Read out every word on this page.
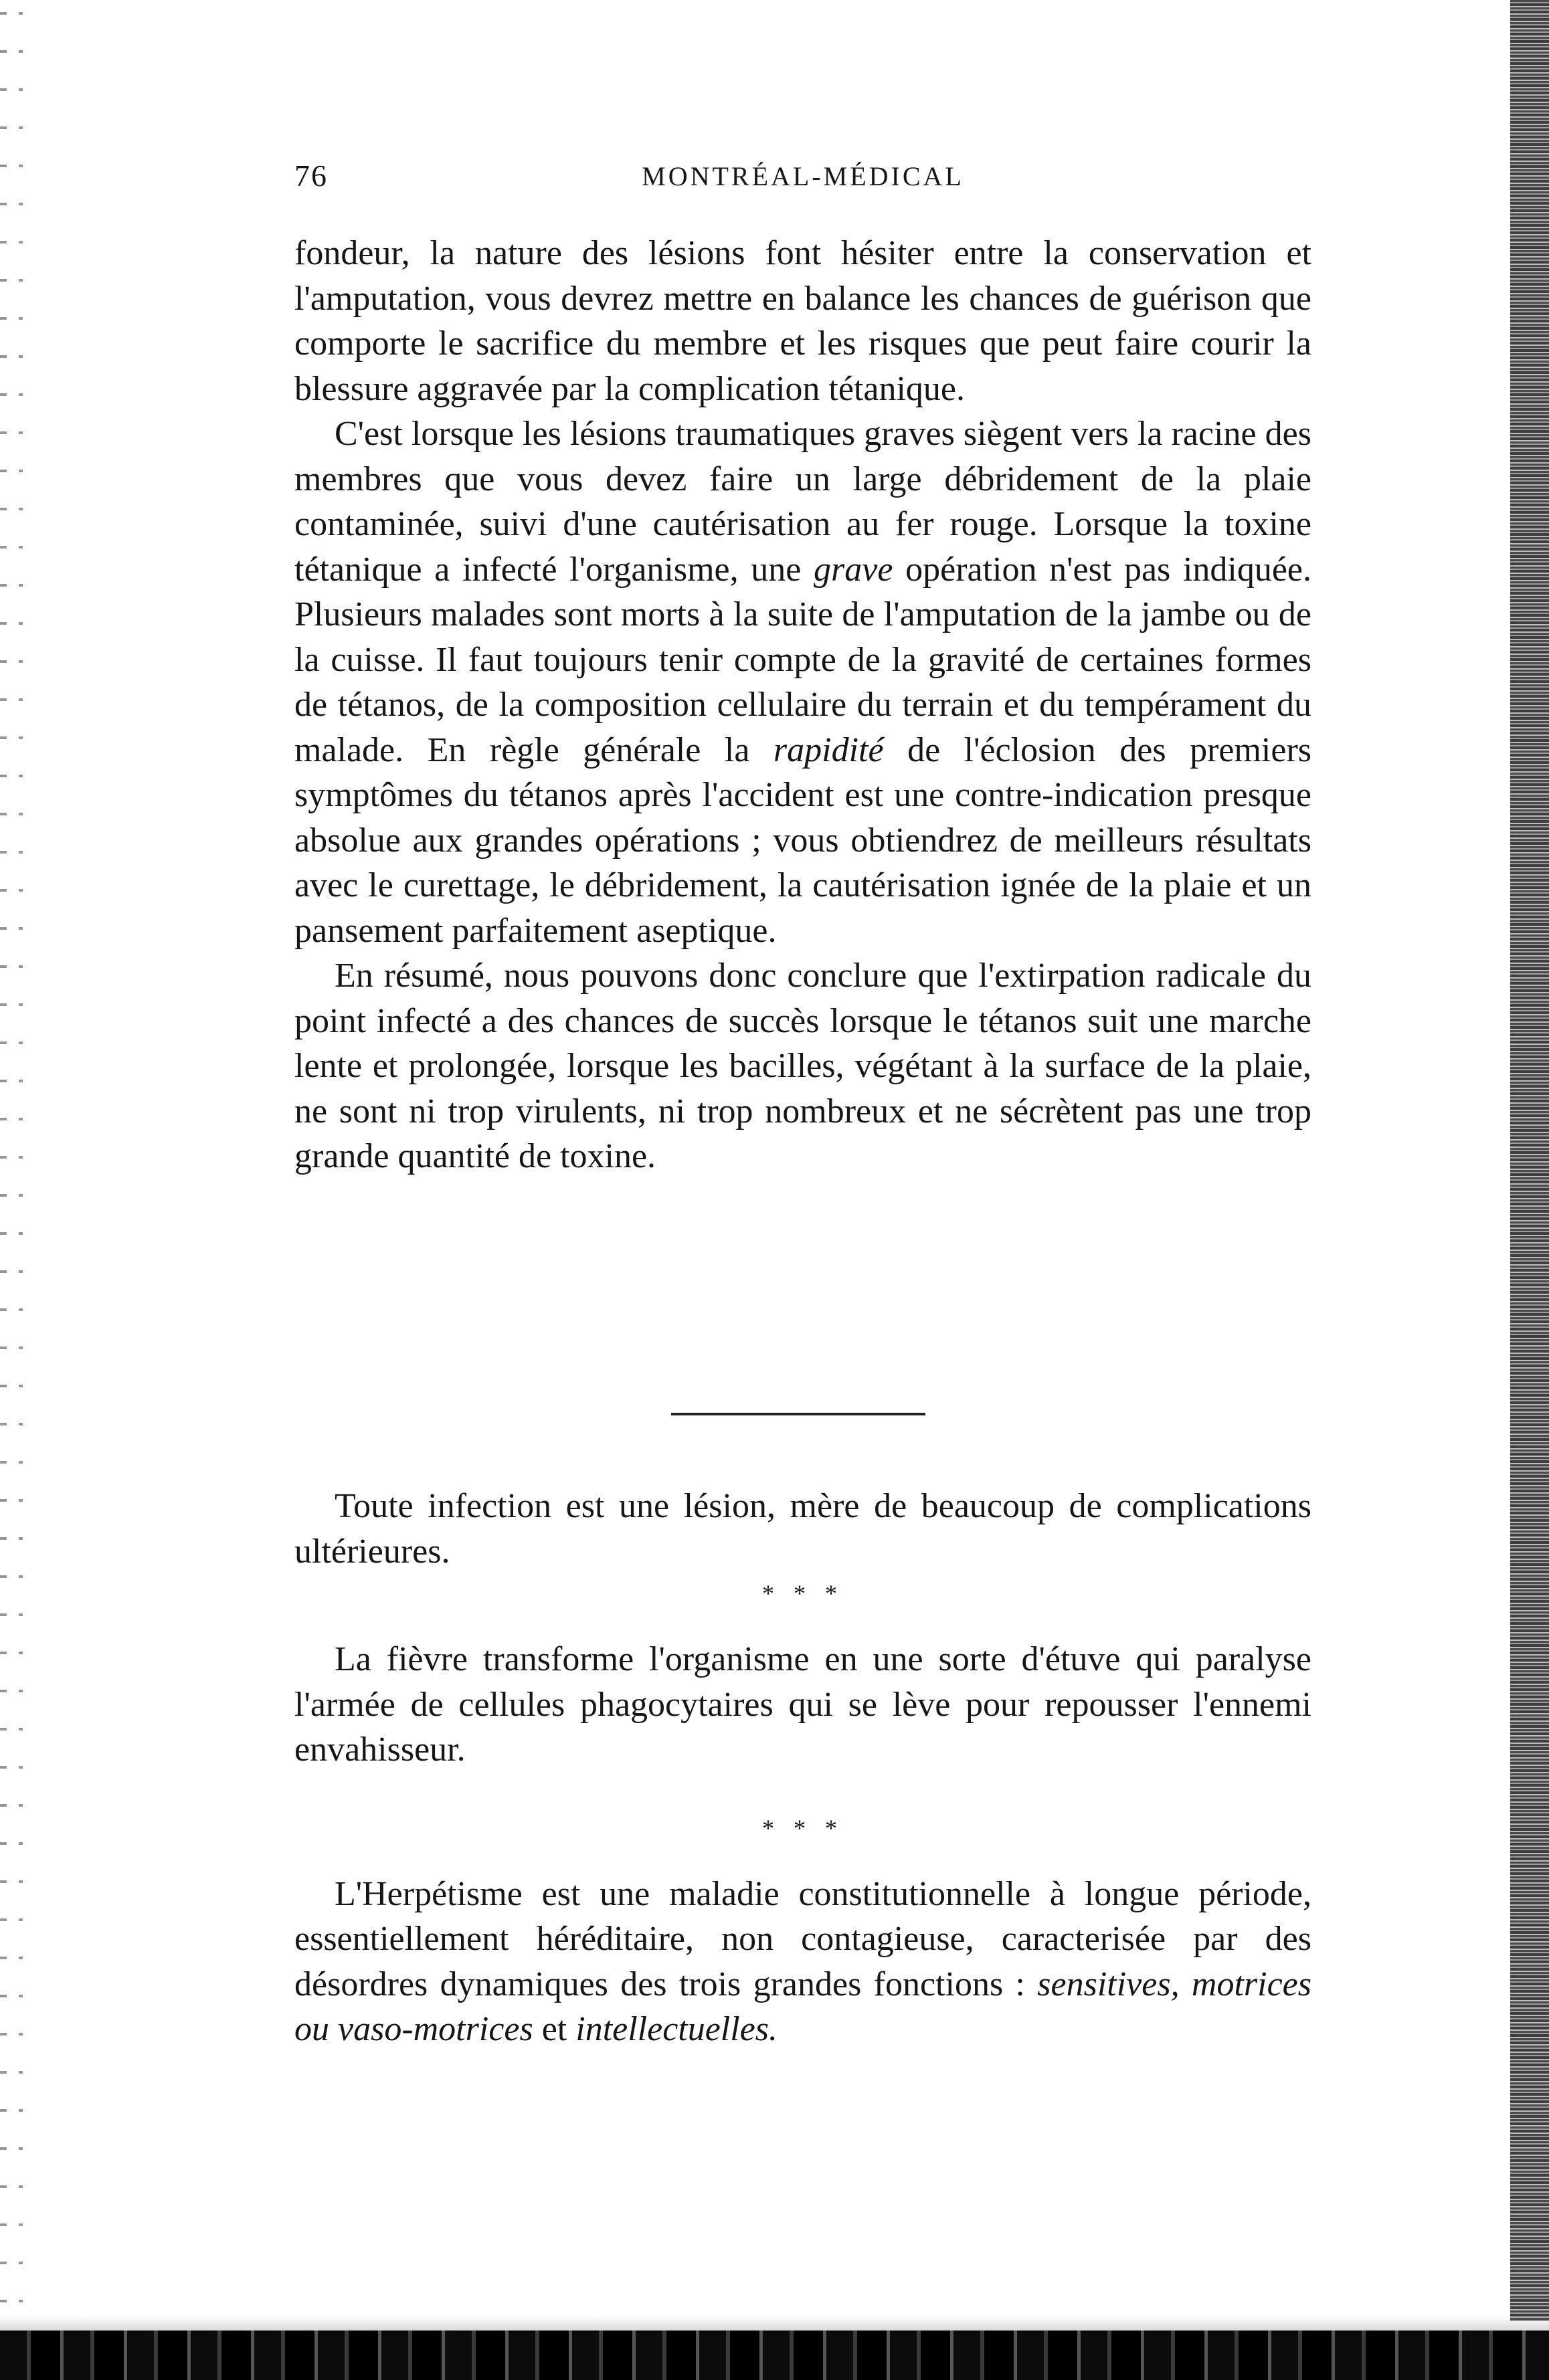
76	MONTRÉAL-MÉDICAL

fondeur, la nature des lésions font hésiter entre la conservation et l'amputation, vous devrez mettre en balance les chances de guérison que comporte le sacrifice du membre et les risques que peut faire courir la blessure aggravée par la complication tétanique.

C'est lorsque les lésions traumatiques graves siègent vers la racine des membres que vous devez faire un large débridement de la plaie contaminée, suivi d'une cautérisation au fer rouge. Lorsque la toxine tétanique a infecté l'organisme, une grave opération n'est pas indiquée. Plusieurs malades sont morts à la suite de l'amputation de la jambe ou de la cuisse. Il faut toujours tenir compte de la gravité de certaines formes de tétanos, de la composition cellulaire du terrain et du tempérament du malade. En règle générale la rapidité de l'éclosion des premiers symptômes du tétanos après l'accident est une contre-indication presque absolue aux grandes opérations ; vous obtiendrez de meilleurs résultats avec le curettage, le débridement, la cautérisation ignée de la plaie et un pansement parfaitement aseptique.

En résumé, nous pouvons donc conclure que l'extirpation radicale du point infecté a des chances de succès lorsque le tétanos suit une marche lente et prolongée, lorsque les bacilles, végétant à la surface de la plaie, ne sont ni trop virulents, ni trop nombreux et ne sécrètent pas une trop grande quantité de toxine.

Toute infection est une lésion, mère de beaucoup de complications ultérieures.

* * *

La fièvre transforme l'organisme en une sorte d'étuve qui paralyse l'armée de cellules phagocytaires qui se lève pour repousser l'ennemi envahisseur.

* * *

L'Herpétisme est une maladie constitutionnelle à longue période, essentiellement héréditaire, non contagieuse, caracterisée par des désordres dynamiques des trois grandes fonctions : sensitives, motrices ou vaso-motrices et intellectuelles.
